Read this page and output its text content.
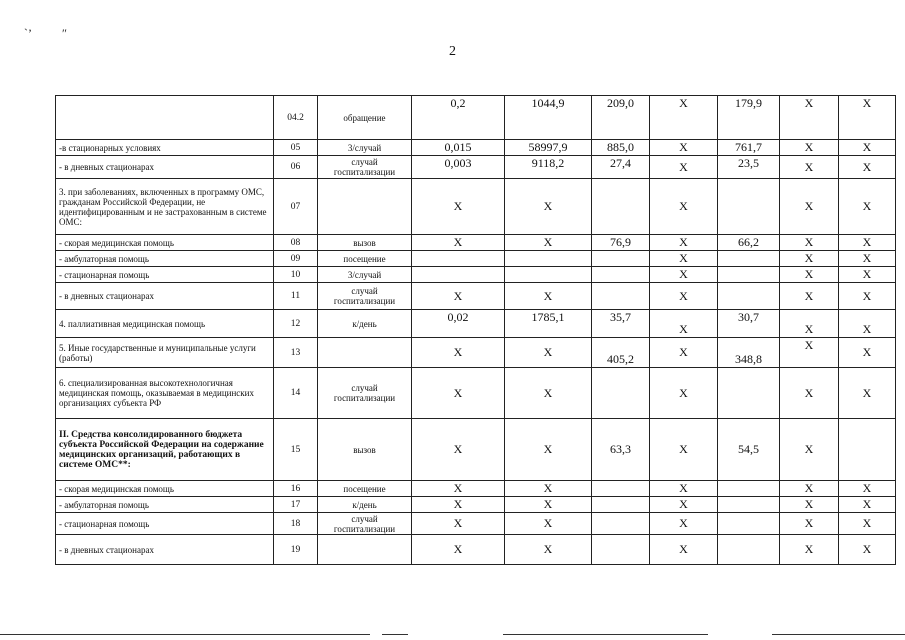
`’	″
2
	04.2	обращение	0,2	1044,9	209,0	X	179,9	X	X
-в стационарных условиях	05	3/случай	0,015	58997,9	885,0	X	761,7	X	X
- в дневных стационарах	06	случай госпитализации	0,003	9118,2	27,4	X	23,5	X	X
3. при заболеваниях, включенных в программу ОМС, гражданам Российской Федерации, не идентифицированным и не застрахованным в системе ОМС:	07		X	X		X		X	X
- скорая медицинская помощь	08	вызов	X	X	76,9	X	66,2	X	X
- амбулаторная помощь	09	посещение				X		X	X
- стационарная помощь	10	3/случай				X		X	X
- в дневных стационарах	11	случай госпитализации	X	X		X		X	X
4. паллиативная медицинская помощь	12	к/день	0,02	1785,1	35,7	X	30,7	X	X
5. Иные государственные и муниципальные услуги (работы)	13		X	X	405,2	X	348,8	X	X
6. специализированная высокотехнологичная медицинская помощь, оказываемая в медицинских организациях субъекта РФ	14	случай госпитализации	X	X		X		X	X
II. Средства консолидированного бюджета субъекта Российской Федерации на содержание медицинских организаций, работающих в системе ОМС**:	15	вызов	X	X	63,3	X	54,5	X	
- скорая медицинская помощь	16	посещение	X	X		X		X	X
- амбулаторная помощь	17	к/день	X	X		X		X	X
- стационарная помощь	18	случай госпитализации	X	X		X		X	X
- в дневных стационарах	19		X	X		X		X	X
